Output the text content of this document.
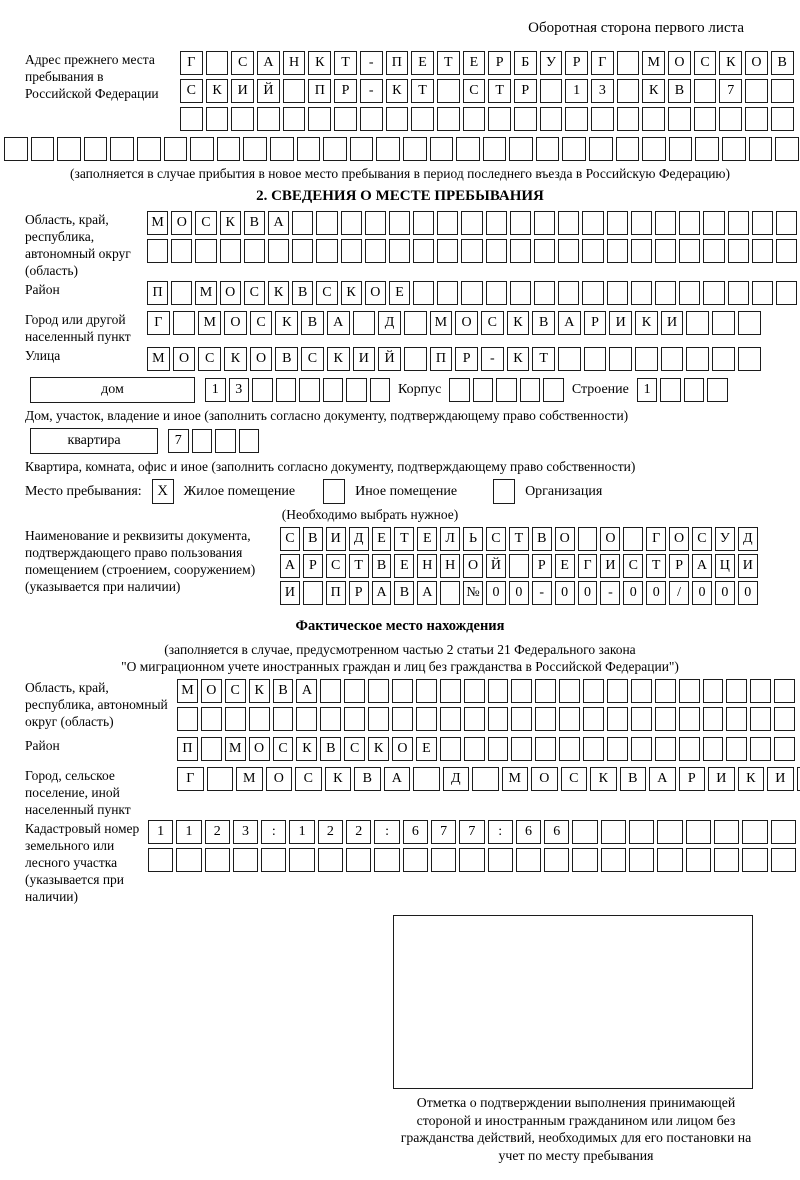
Оборотная сторона первого листа
Адрес прежнего места пребывания в Российской Федерации
Г	С	А	Н	К	Т	-	П	Е	Т	Е	Р	Б	У	Р	Г	М	О	С	К	О	В
С	К	И	Й	П	Р	-	К	Т	С	Т	Р	1	3	К	В	7
(заполняется в случае прибытия в новое место пребывания в период последнего въезда в Российскую Федерацию)
2. СВЕДЕНИЯ О МЕСТЕ ПРЕБЫВАНИЯ
Область, край, республика, автономный округ (область)
М О	С	К	В	А
Район	П	М О	С	К	В	С	К	О	Е
Город или другой населенный пункт
Г	М	О	С	К	В	А	Д	М	О	С	К	В	А	Р	И	К	И
Улица	М	О	С	К	О	В	С	К	И	Й	П	Р	-	К	Т
дом	1	3	Корпус	Строение	1
Дом, участок, владение и иное (заполнить согласно документу, подтверждающему право собственности)
квартира	7
Квартира, комната, офис и иное (заполнить согласно документу, подтверждающему право собственности)
Место пребывания:	X	Жилое помещение	Иное помещение	Организация
(Необходимо выбрать нужное)
Наименование и реквизиты документа, подтверждающего право пользования помещением (строением, сооружением) (указывается при наличии)
С В И Д Е	Т	Е Л	Ь	С Т В О	О	Г О С У Д
А Р	С Т В Е Н Н О Й	Р	Е	Г И С Т	Р А Ц И
И	П Р А В А	№ 0	0	-	0	0	-	0	0	/	0	0	0
Фактическое место нахождения
(заполняется в случае, предусмотренном частью 2 статьи 21 Федерального закона
"О миграционном учете иностранных граждан и лиц без гражданства в Российской Федерации")
Область, край, республика, автономный округ (область)
М О	С	К	В	А
Район	П	М О	С	К	В	С	К	О	Е
Город, сельское поселение, иной населенный пункт
Г	М	О	С	К	В	А	Д	М	О	С	К	В	А	Р	И	К	И
Кадастровый номер земельного или лесного участка (указывается при наличии)
1	1	2	3	:	1	2	2	:	6	7	7	:	6	6
Отметка о подтверждении выполнения принимающей стороной и иностранным гражданином или лицом без гражданства действий, необходимых для его постановки на учет по месту пребывания
